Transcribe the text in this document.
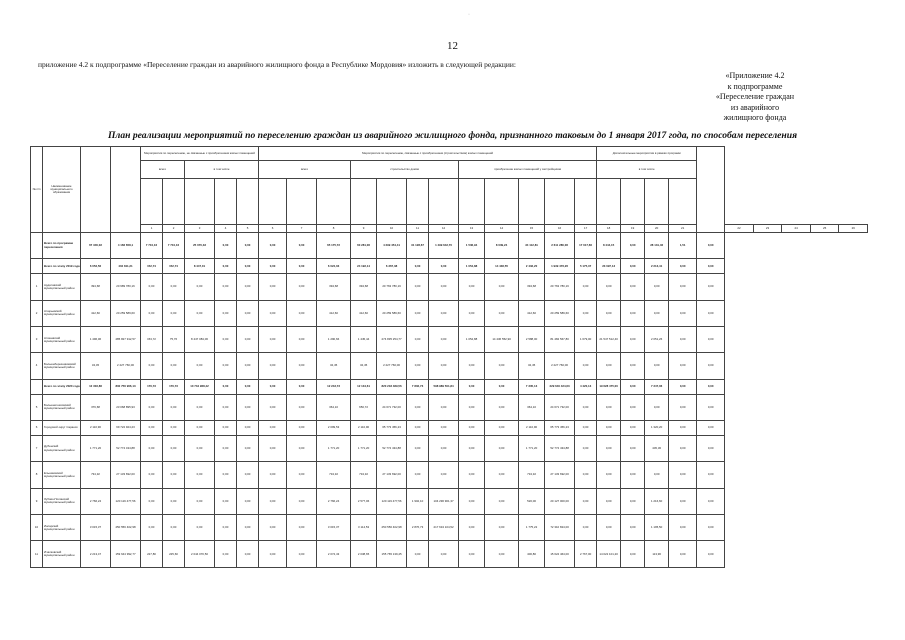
·
12
приложение 4.2 к подпрограмме «Переселение граждан из аварийного жилищного фонда в Республике Мордовия» изложить в следующей редакции:
«Приложение 4.2
к подпрограмме
«Переселение граждан
из аварийного
жилищного фонда
План реализации мероприятий по переселению граждан из аварийного жилищного фонда, признанного таковым до 1 января 2017 года, по способам переселения
№ п/п	Наименование муниципального образования			Мероприятия по переселению, не связанные с приобретением жилых помещений					Мероприятия по переселению, связанные с приобретением (строительством) жилых помещений												Дополнительные мероприятия в рамках программ									
				всего		в том числе			всего			строительство домов				приобретение жилых помещений у застройщиков					в том числе									

				1	2	3	4	5	6	7	8	9	10	11	12	13	14	15	16	17	18	19	20	21		22	23	24	25	26
	Всего по программе переселения	67 346,02	4 166 658,1	7 710,16	7 710,16	25 070,33	0,00	0,00	0,00	0,00	65 175,72	60 281,06	4 299 454,41	31 128,67	1 499 642,70	1 536,94	8 039,24	34 112,81	2 611 280,06	17 017,66	8 444,15	0,00	28 131,46	1,51	0,00					
	Всего по этапу 2019 года	6 052,56	404 811,21	152,74	152,74	8 447,01	0,00	0,00	0,00	0,00	6 024,03	24 192,14	6 367,38	0,00	0,00	1 054,88	14 436,55	2 432,20	1 939 476,26	5 175,37	23 097,13	0,00	2 213,41	0,00	0,00					
1	Ардатовский муниципальный район	394,68	20 989 780,16	0,00	0,00	0,00	0,00	0,00	0,00	0,00	394,68	394,68	20 763 780,16	0,00	0,00	0,00	0,00	394,68	20 763 780,16	0,00	0,00	0,00	0,00	0,00	0,00					
2	Атюрьевский муниципальный район	412,60	20 259 589,60	0,00	0,00	0,00	0,00	0,00	0,00	0,00	412,60	412,60	20 259 589,60	0,00	0,00	0,00	0,00	412,60	20 259 589,60	0,00	0,00	0,00	0,00	0,00	0,00					
3	Атяшевский муниципальный район	1 496,06	285 827 912,57	153,72	75,76	8 447 084,06	0,00	0,00	0,00	0,00	1 290,66	1 445,44	274 835 254,77	0,00	0,00	1 054,88	14 436 552,90	2 588,00	81 484 567,80	1 679,00	21 547 512,40	0,00	2 051,26	0,00	0,00					
4	Большеберезниковский муниципальный район	34,45	2 227 760,00	0,00	0,00	0,00	0,00	0,00	0,00	0,00	34,45	34,45	2 227 760,00	0,00	0,00	0,00	0,00	34,45	2 227 760,00	0,00	0,00	0,00	0,00	0,00	0,00					
	Всего по этапу 2020 года	12 303,86	830 756 906,13	176,73	176,73	10 734 968,42	0,00	0,00	0,00	0,00	12 243,73	12 134,61	820 218 489,56	7 802,73	598 989 501,84	0,00	0,00	7 335,13	229 640 424,63	4 420,13	19 628 475,00	0,00	7 347,06	0,00	0,00					
5	Большеигнатовский муниципальный район	376,68	23 068 895,93	0,00	0,00	0,00	0,00	0,00	0,00	0,00	364,10	650,72	24 671 732,00	0,00	0,00	0,00	0,00	364,10	24 671 732,00	0,00	0,00	0,00	0,00	0,00	0,00					
6	Городской округ Саранск	2 110,90	69 722 924,23	0,00	0,00	0,00	0,00	0,00	0,00	0,00	2 099,53	2 110,90	65 773 456,23	0,00	0,00	0,00	0,00	2 110,90	65 773 456,23	0,00	0,00	0,00	1 320,20	0,00	0,00					
7	Дубенский муниципальный район	1 771,20	52 774 434,88	0,00	0,00	0,00	0,00	0,00	0,00	0,00	1 771,20	1 771,20	52 774 434,88	0,00	0,00	0,00	0,00	1 771,20	52 774 434,88	0,00	0,00	0,00	445,30	0,00	0,00					
8	Ельниковский муниципальный район	734,32	27 133 692,00	0,00	0,00	0,00	0,00	0,00	0,00	0,00	734,32	734,32	27 133 692,00	0,00	0,00	0,00	0,00	734,32	27 133 692,00	0,00	0,00	0,00	0,00	0,00	0,00					
9	Зубово-Полянский муниципальный район	2 766,24	120 119 477,56	0,00	0,00	0,00	0,00	0,00	0,00	0,00	2 766,24	2 577,06	120 119 477,56	1 902,10	104 296 901,37	0,00	0,00	520,00	20 127 000,00	0,00	0,00	0,00	1 216,60	0,00	0,00					
10	Инсарский муниципальный район	3 015,37	250 556 402,98	0,00	0,00	0,00	0,00	0,00	0,00	0,00	3 015,37	3 114,53	250 556 402,98	2 876,73	217 634 104,52	0,00	0,00	1 775,22	72 310 824,00	0,00	0,00	0,00	1 195,50	0,00	0,00					
11	Ичалковский муниципальный район	2 213,47	159 644 992,77	227,80	225,60	2 044 070,50	0,00	0,00	0,00	0,00	2 074,43	2 038,65	155 765 139,45	0,00	0,00	0,00	0,00	400,80	15 624 464,00	2 767,00	14 022 101,20	0,00	113,96	0,00	0,00					
